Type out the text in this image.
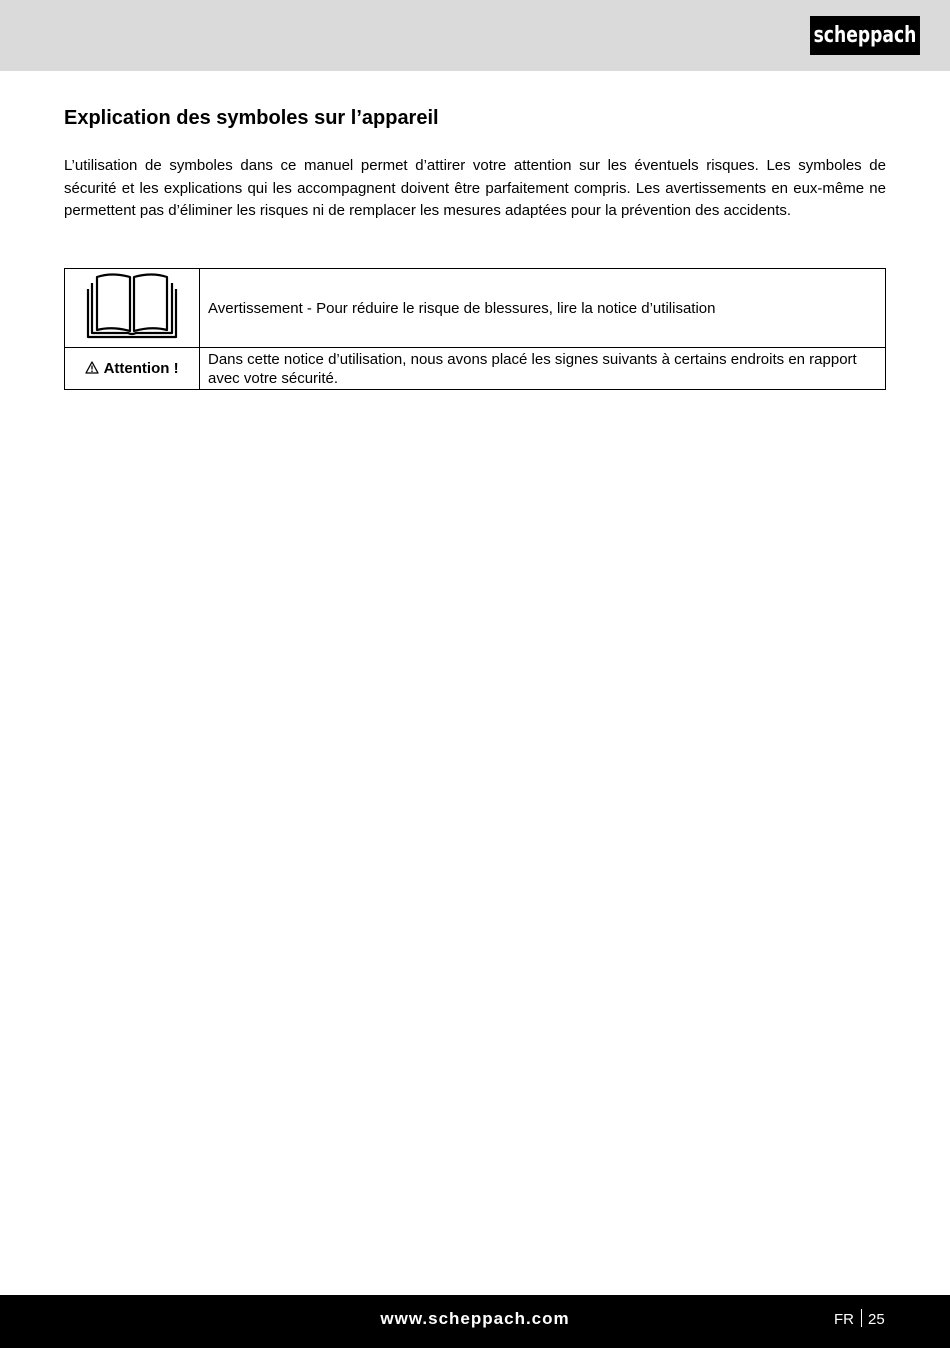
scheppach
Explication des symboles sur l’appareil

L’utilisation de symboles dans ce manuel permet d’attirer votre attention sur les éventuels risques. Les symboles de sécurité et les explications qui les accompagnent doivent être parfaitement compris. Les avertissements en eux-même ne permettent pas d’éliminer les risques ni de remplacer les mesures adaptées pour la prévention des accidents.

	Avertissement - Pour réduire le risque de blessures, lire la notice d’utilisation
Attention !	Dans cette notice d’utilisation, nous avons placé les signes suivants à certains endroits en rapport avec votre sécurité.
www.scheppach.com	FR 25
